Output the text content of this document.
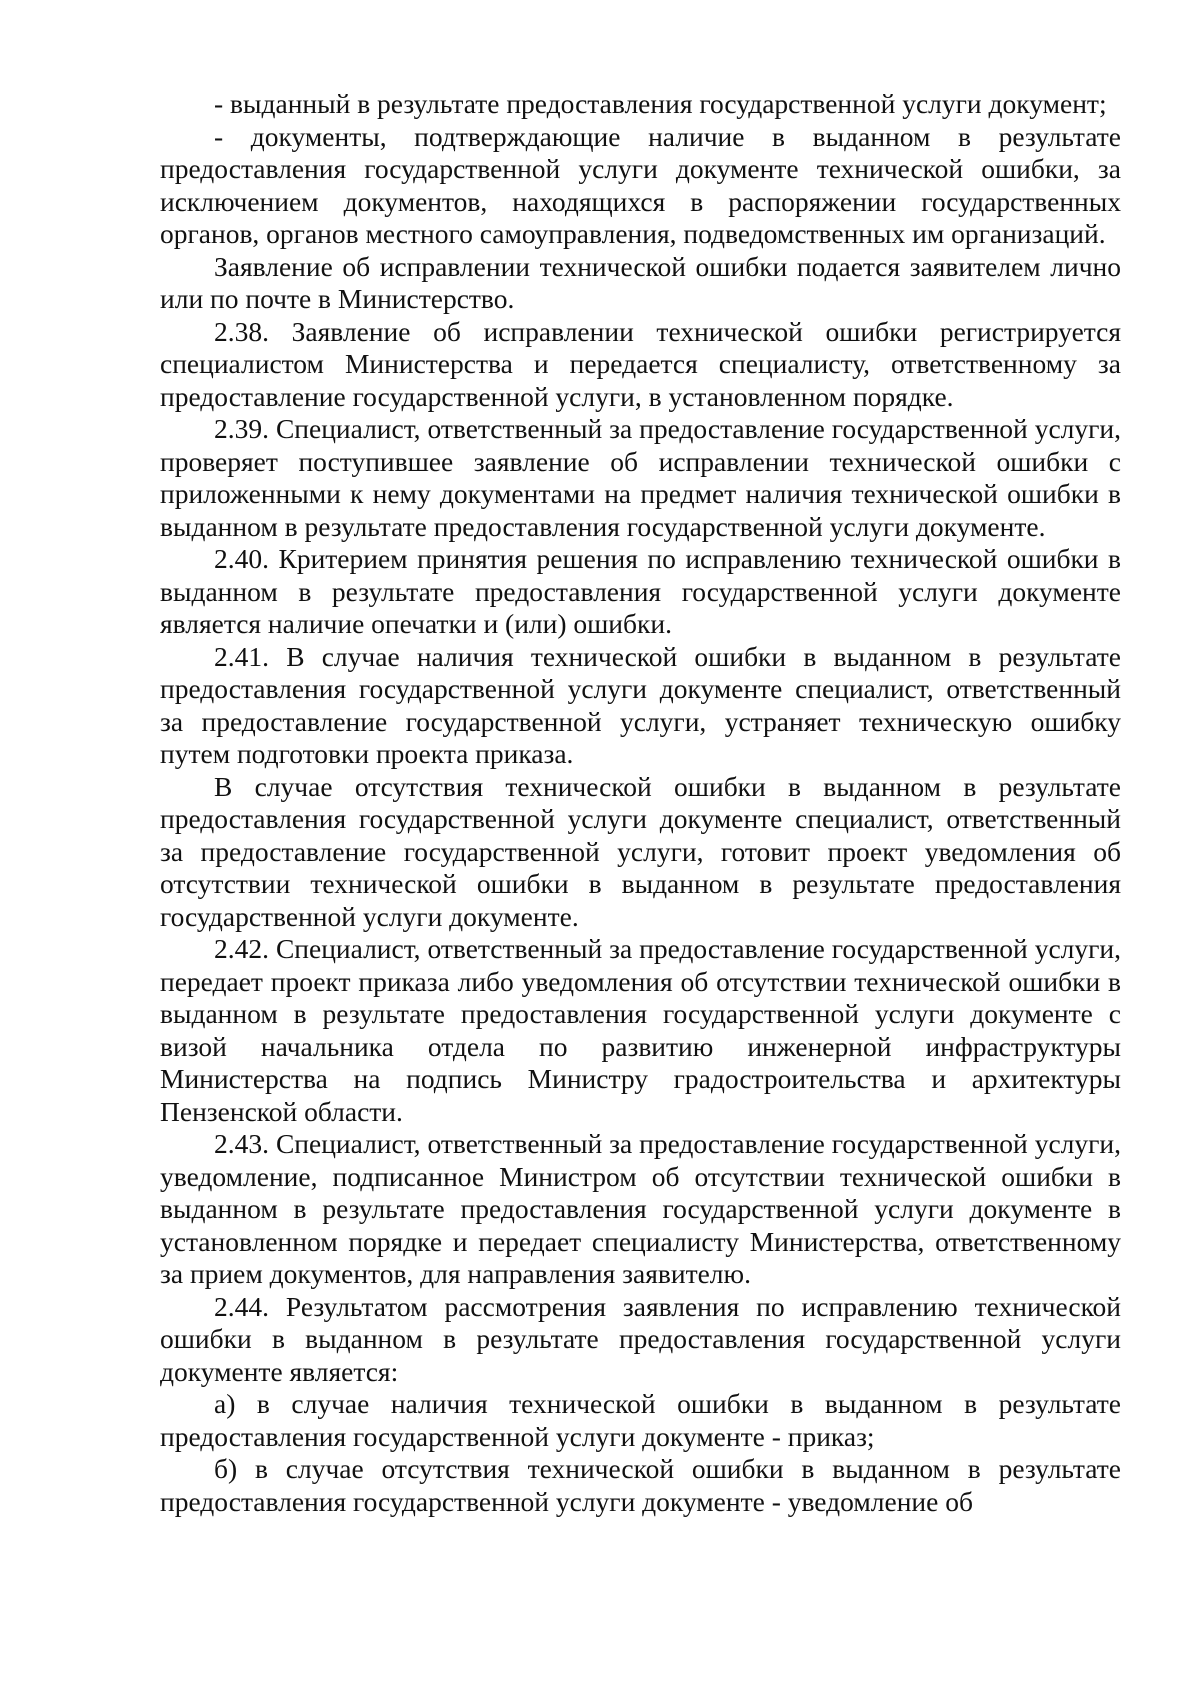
- выданный в результате предоставления государственной услуги документ;

- документы, подтверждающие наличие в выданном в результате предоставления государственной услуги документе технической ошибки, за исключением документов, находящихся в распоряжении государственных органов, органов местного самоуправления, подведомственных им организаций.

Заявление об исправлении технической ошибки подается заявителем лично или по почте в Министерство.

2.38. Заявление об исправлении технической ошибки регистрируется специалистом Министерства и передается специалисту, ответственному за предоставление государственной услуги, в установленном порядке.

2.39. Специалист, ответственный за предоставление государственной услуги, проверяет поступившее заявление об исправлении технической ошибки с приложенными к нему документами на предмет наличия технической ошибки в выданном в результате предоставления государственной услуги документе.

2.40. Критерием принятия решения по исправлению технической ошибки в выданном в результате предоставления государственной услуги документе является наличие опечатки и (или) ошибки.

2.41. В случае наличия технической ошибки в выданном в результате предоставления государственной услуги документе специалист, ответственный за предоставление государственной услуги, устраняет техническую ошибку путем подготовки проекта приказа.

В случае отсутствия технической ошибки в выданном в результате предоставления государственной услуги документе специалист, ответственный за предоставление государственной услуги, готовит проект уведомления об отсутствии технической ошибки в выданном в результате предоставления государственной услуги документе.

2.42. Специалист, ответственный за предоставление государственной услуги, передает проект приказа либо уведомления об отсутствии технической ошибки в выданном в результате предоставления государственной услуги документе с визой начальника отдела по развитию инженерной инфраструктуры Министерства на подпись Министру градостроительства и архитектуры Пензенской области.

2.43. Специалист, ответственный за предоставление государственной услуги, уведомление, подписанное Министром об отсутствии технической ошибки в выданном в результате предоставления государственной услуги документе в установленном порядке и передает специалисту Министерства, ответственному за прием документов, для направления заявителю.

2.44. Результатом рассмотрения заявления по исправлению технической ошибки в выданном в результате предоставления государственной услуги документе является:

а) в случае наличия технической ошибки в выданном в результате предоставления государственной услуги документе - приказ;

б) в случае отсутствия технической ошибки в выданном в результате предоставления государственной услуги документе - уведомление об
